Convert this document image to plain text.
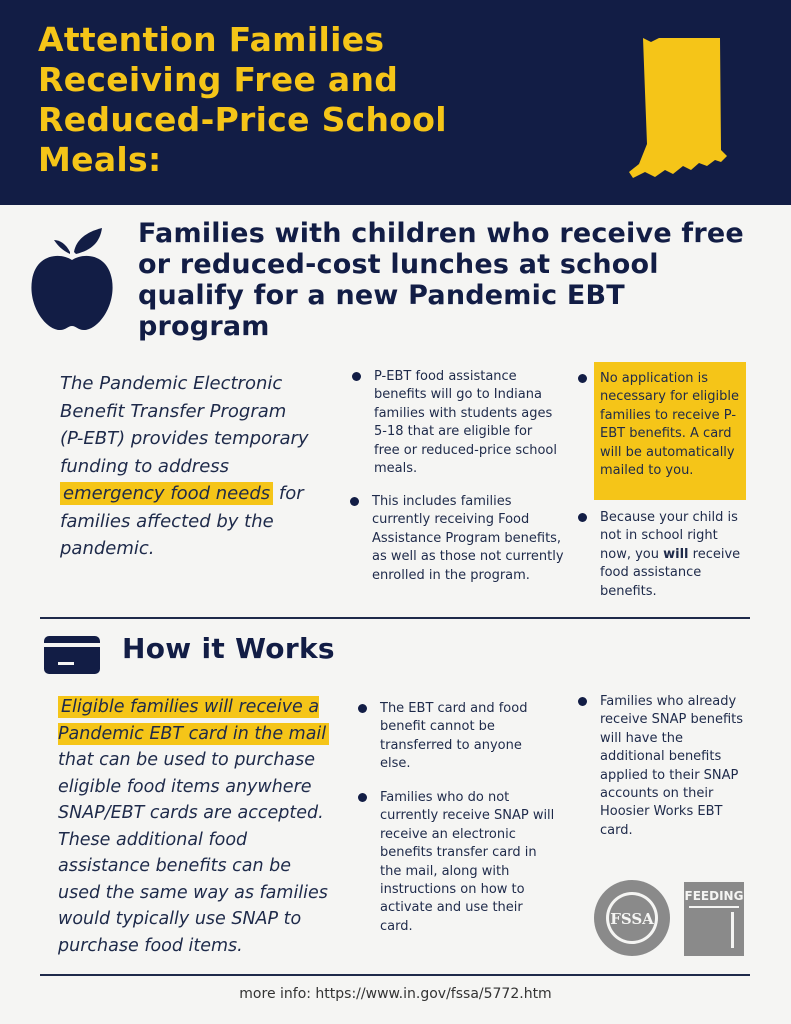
Attention Families Receiving Free and Reduced-Price School Meals:
Families with children who receive free or reduced-cost lunches at school qualify for a new Pandemic EBT program
The Pandemic Electronic Benefit Transfer Program (P-EBT) provides temporary funding to address emergency food needs for families affected by the pandemic.
P-EBT food assistance benefits will go to Indiana families with students ages 5-18 that are eligible for free or reduced-price school meals.
This includes families currently receiving Food Assistance Program benefits, as well as those not currently enrolled in the program.
No application is necessary for eligible families to receive P-EBT benefits. A card will be automatically mailed to you.
Because your child is not in school right now, you will receive food assistance benefits.
How it Works
Eligible families will receive a Pandemic EBT card in the mail that can be used to purchase eligible food items anywhere SNAP/EBT cards are accepted. These additional food assistance benefits can be used the same way as families would typically use SNAP to purchase food items.
The EBT card and food benefit cannot be transferred to anyone else.
Families who do not currently receive SNAP will receive an electronic benefits transfer card in the mail, along with instructions on how to activate and use their card.
Families who already receive SNAP benefits will have the additional benefits applied to their SNAP accounts on their Hoosier Works EBT card.
FSSA
FEEDING
more info: https://www.in.gov/fssa/5772.htm
